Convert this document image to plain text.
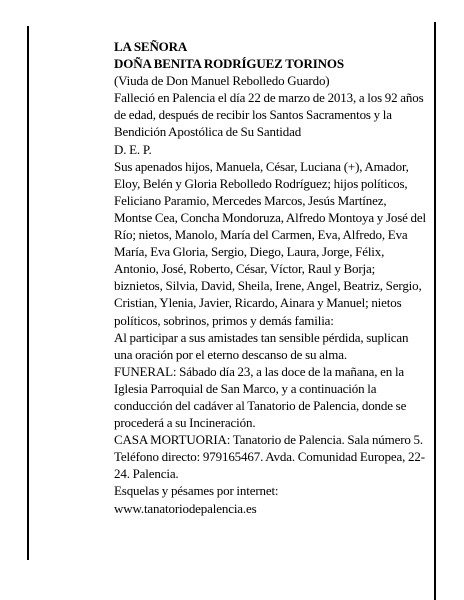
LA SEÑORA

DOÑA BENITA RODRÍGUEZ TORINOS

(Viuda de Don Manuel Rebolledo Guardo)

Falleció en Palencia el día 22 de marzo de 2013, a los 92 años de edad, después de recibir los Santos Sacramentos y la Bendición Apostólica de Su Santidad

D. E. P.

Sus apenados hijos, Manuela, César, Luciana (+), Amador, Eloy, Belén y Gloria Rebolledo Rodríguez; hijos políticos, Feliciano Paramio, Mercedes Marcos, Jesús Martínez, Montse Cea, Concha Mondoruza, Alfredo Montoya y José del Río; nietos, Manolo, María del Carmen, Eva, Alfredo, Eva María, Eva Gloria, Sergio, Diego, Laura, Jorge, Félix, Antonio, José, Roberto, César, Víctor, Raul y Borja; biznietos, Silvia, David, Sheila, Irene, Angel, Beatriz, Sergio, Cristian, Ylenia, Javier, Ricardo, Ainara y Manuel; nietos políticos, sobrinos, primos y demás familia:

Al participar a sus amistades tan sensible pérdida, suplican una oración por el eterno descanso de su alma.

FUNERAL: Sábado día 23, a las doce de la mañana, en la Iglesia Parroquial de San Marco, y a continuación la conducción del cadáver al Tanatorio de Palencia, donde se procederá a su Incineración.

CASA MORTUORIA: Tanatorio de Palencia. Sala número 5. Teléfono directo: 979165467. Avda. Comunidad Europea, 22-24. Palencia.

Esquelas y pésames por internet:

www.tanatoriodepalencia.es
